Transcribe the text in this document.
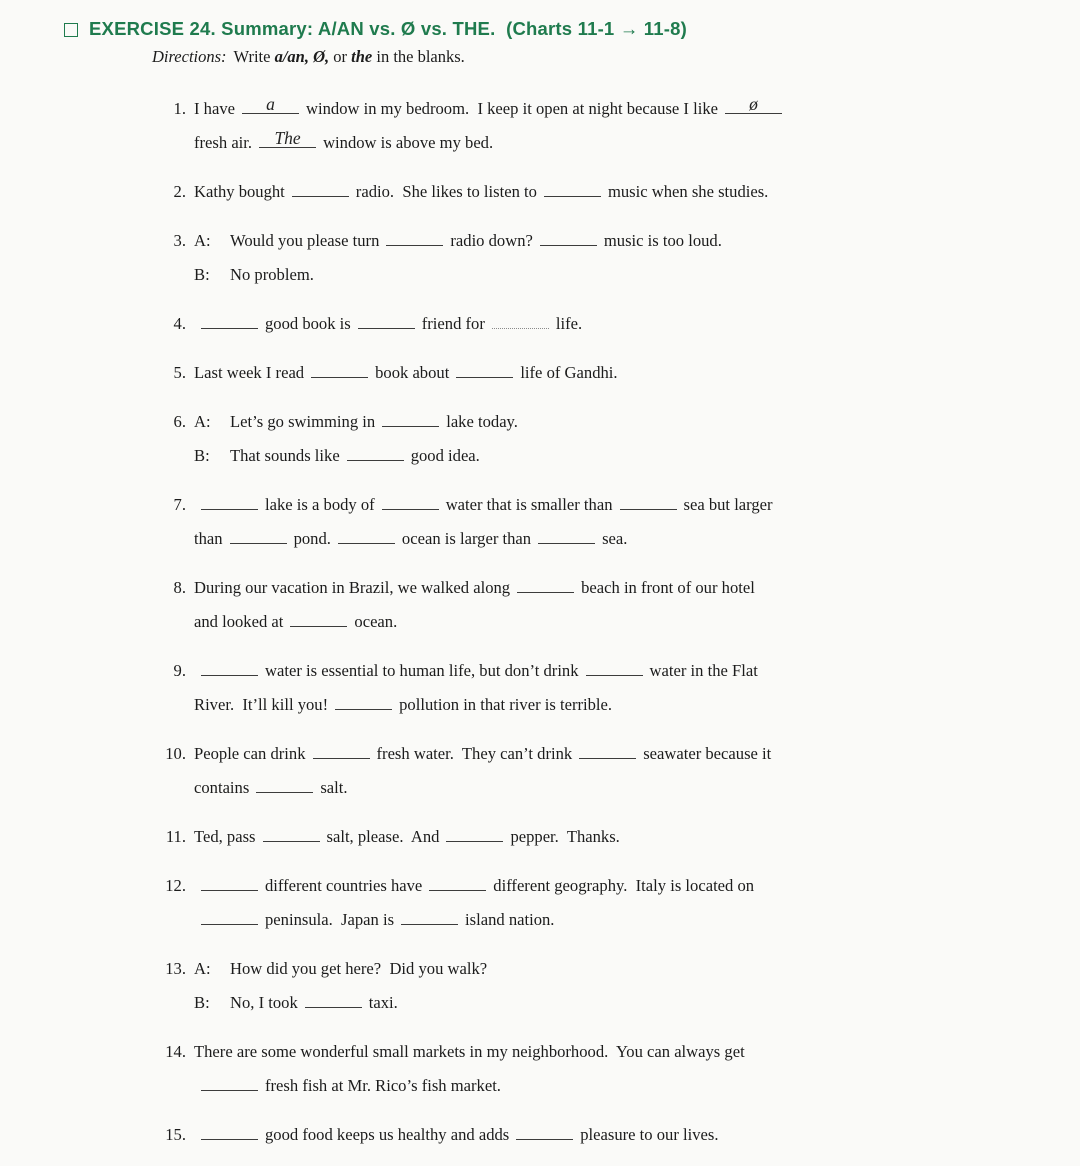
EXERCISE 24. Summary: A/AN vs. Ø vs. THE.  (Charts 11-1 → 11-8)
Directions: Write a/an, Ø, or the in the blanks.
1. I have	a	window in my bedroom.  I keep it open at night because I like	ø
fresh air.	The	window is above my bed.
2. Kathy bought	radio.  She likes to listen to	music when she studies.
3. A: Would you please turn	radio down?	music is too loud.
B: No problem.
4.	good book is	friend for	life.
5. Last week I read	book about	life of Gandhi.
6. A: Let’s go swimming in	lake today.
B: That sounds like	good idea.
7.	lake is a body of	water that is smaller than	sea but larger
than	pond.	ocean is larger than	sea.
8. During our vacation in Brazil, we walked along	beach in front of our hotel
and looked at	ocean.
9.	water is essential to human life, but don’t drink	water in the Flat
River.  It’ll kill you!	pollution in that river is terrible.
10. People can drink	fresh water.  They can’t drink	seawater because it
contains	salt.
11. Ted, pass	salt, please.  And	pepper.  Thanks.
12.	different countries have	different geography.  Italy is located on
peninsula.  Japan is	island nation.
13. A: How did you get here?  Did you walk?
B: No, I took	taxi.
14. There are some wonderful small markets in my neighborhood.  You can always get
fresh fish at Mr. Rico’s fish market.
15.	good food keeps us healthy and adds	pleasure to our lives.
